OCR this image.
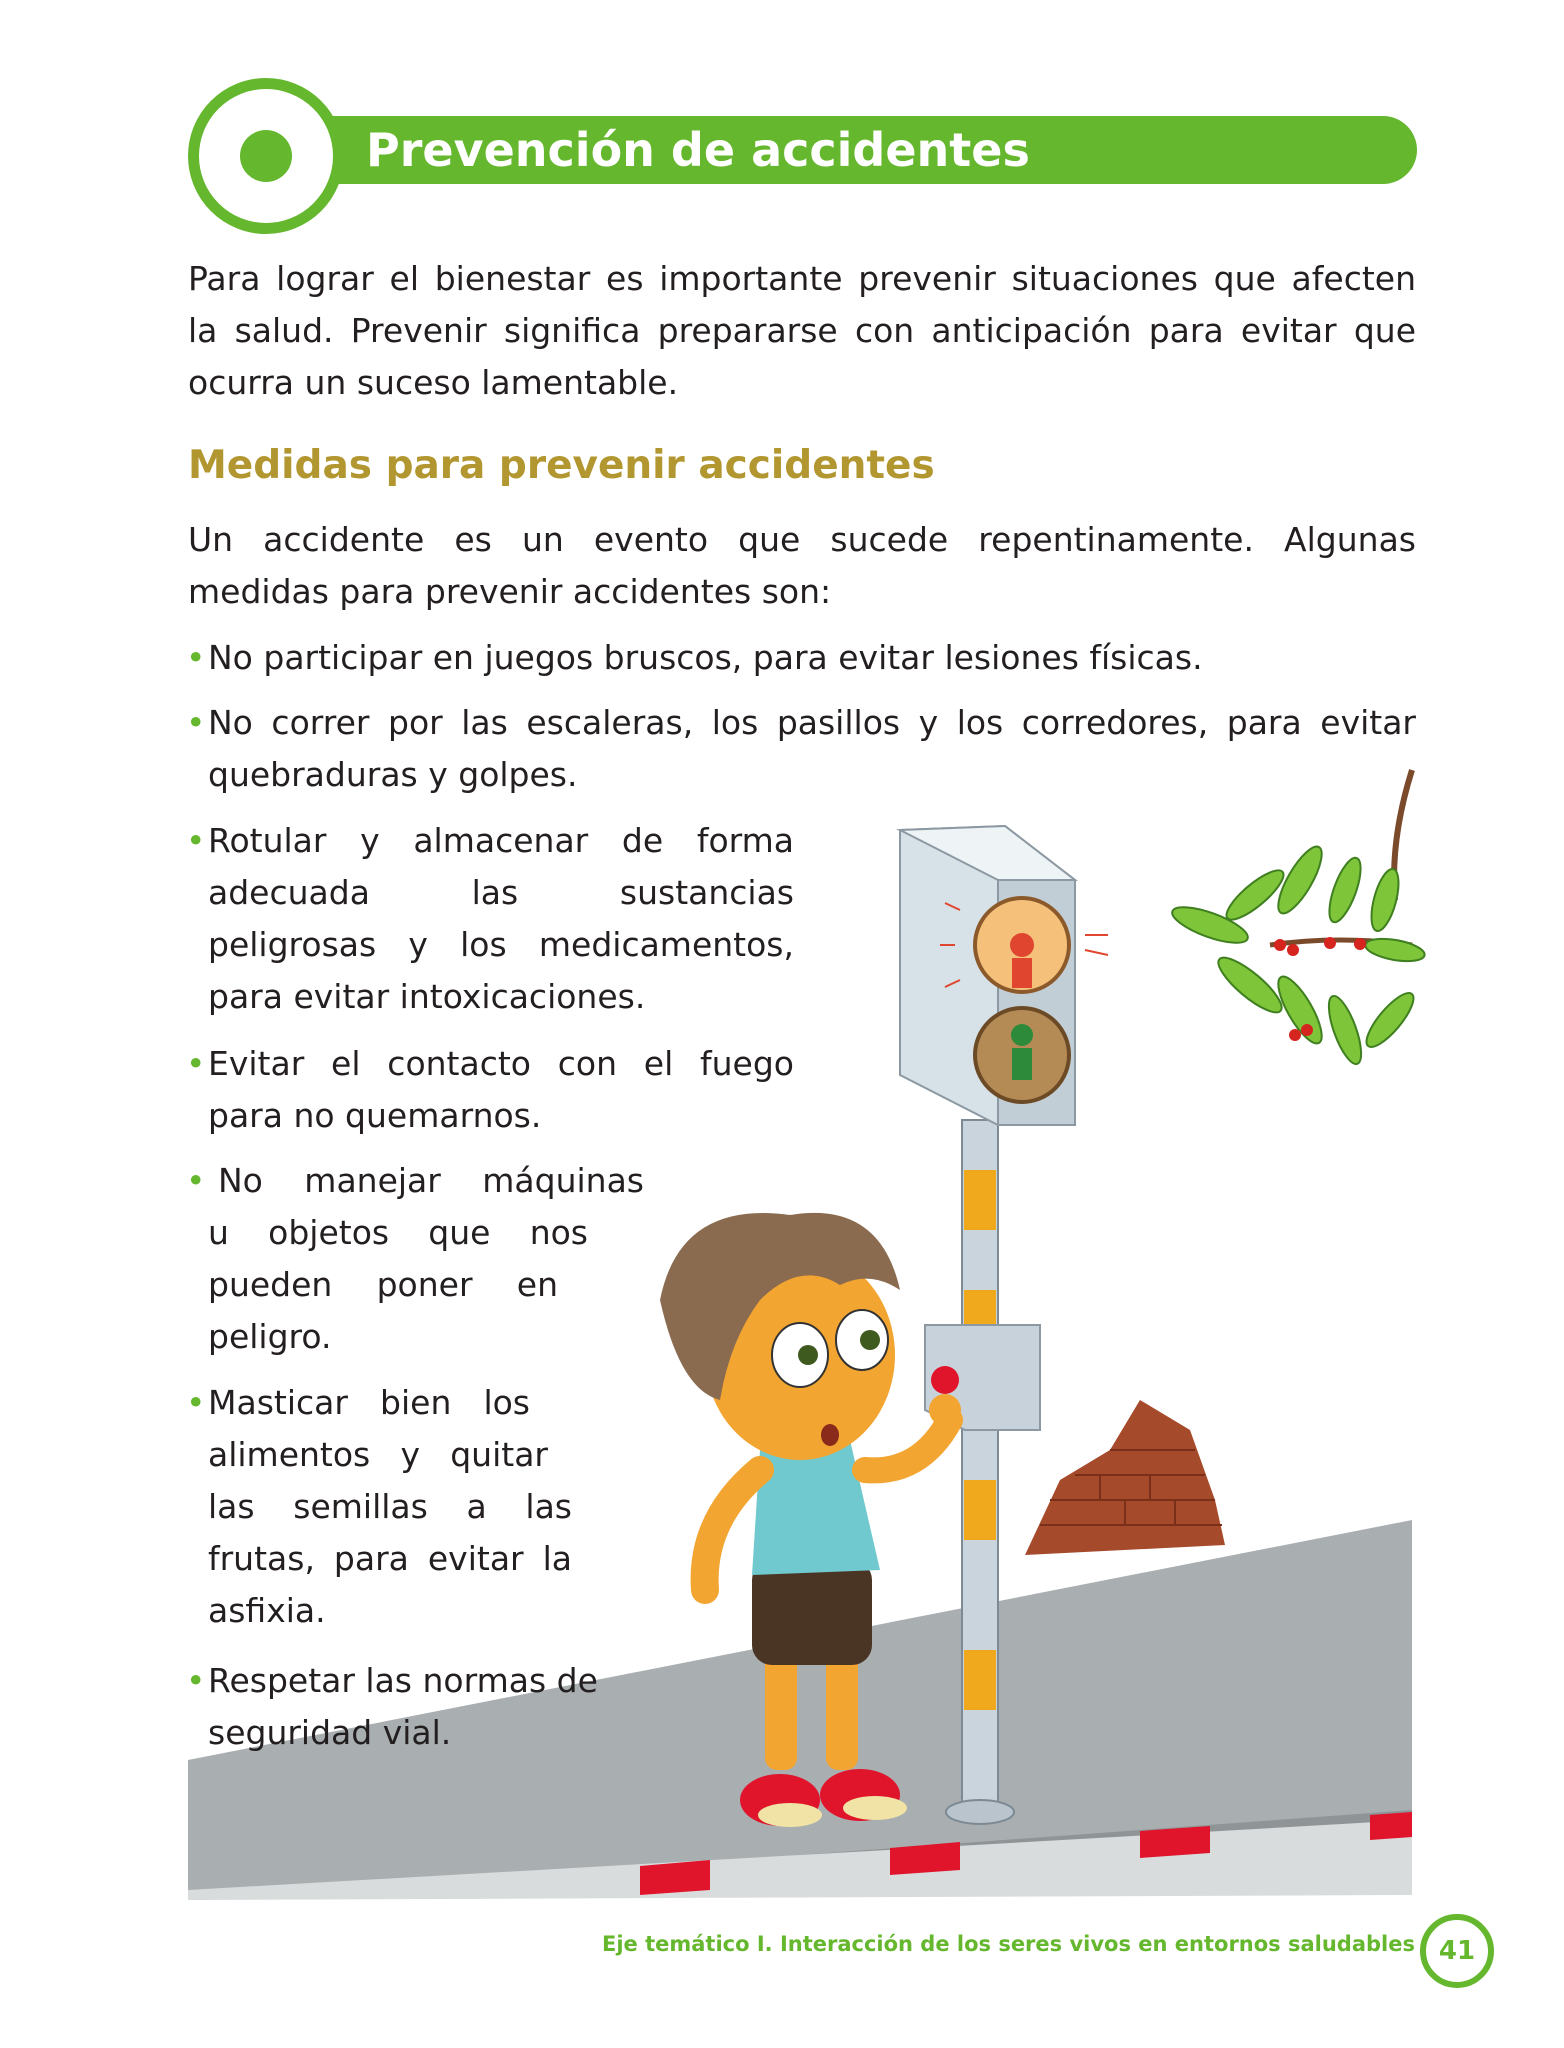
Prevención de accidentes

Para lograr el bienestar es importante prevenir situaciones que afecten

la salud. Prevenir significa prepararse con anticipación para evitar que

ocurra un suceso lamentable.

Medidas para prevenir accidentes

Un accidente es un evento que sucede repentinamente. Algunas

medidas para prevenir accidentes son:

• No participar en juegos bruscos, para evitar lesiones físicas.
• No correr por las escaleras, los pasillos y los corredores, para evitar
quebraduras y golpes.
• Rotular y almacenar de forma
adecuada las sustancias
peligrosas y los medicamentos,
para evitar intoxicaciones.
• Evitar el contacto con el fuego
para no quemarnos.
• No manejar máquinas
u objetos que nos
pueden poner en
peligro.
• Masticar bien los
alimentos y quitar
las semillas a las
frutas, para evitar la
asfixia.
• Respetar las normas de
seguridad vial.
Eje temático I. Interacción de los seres vivos en entornos saludables 41
